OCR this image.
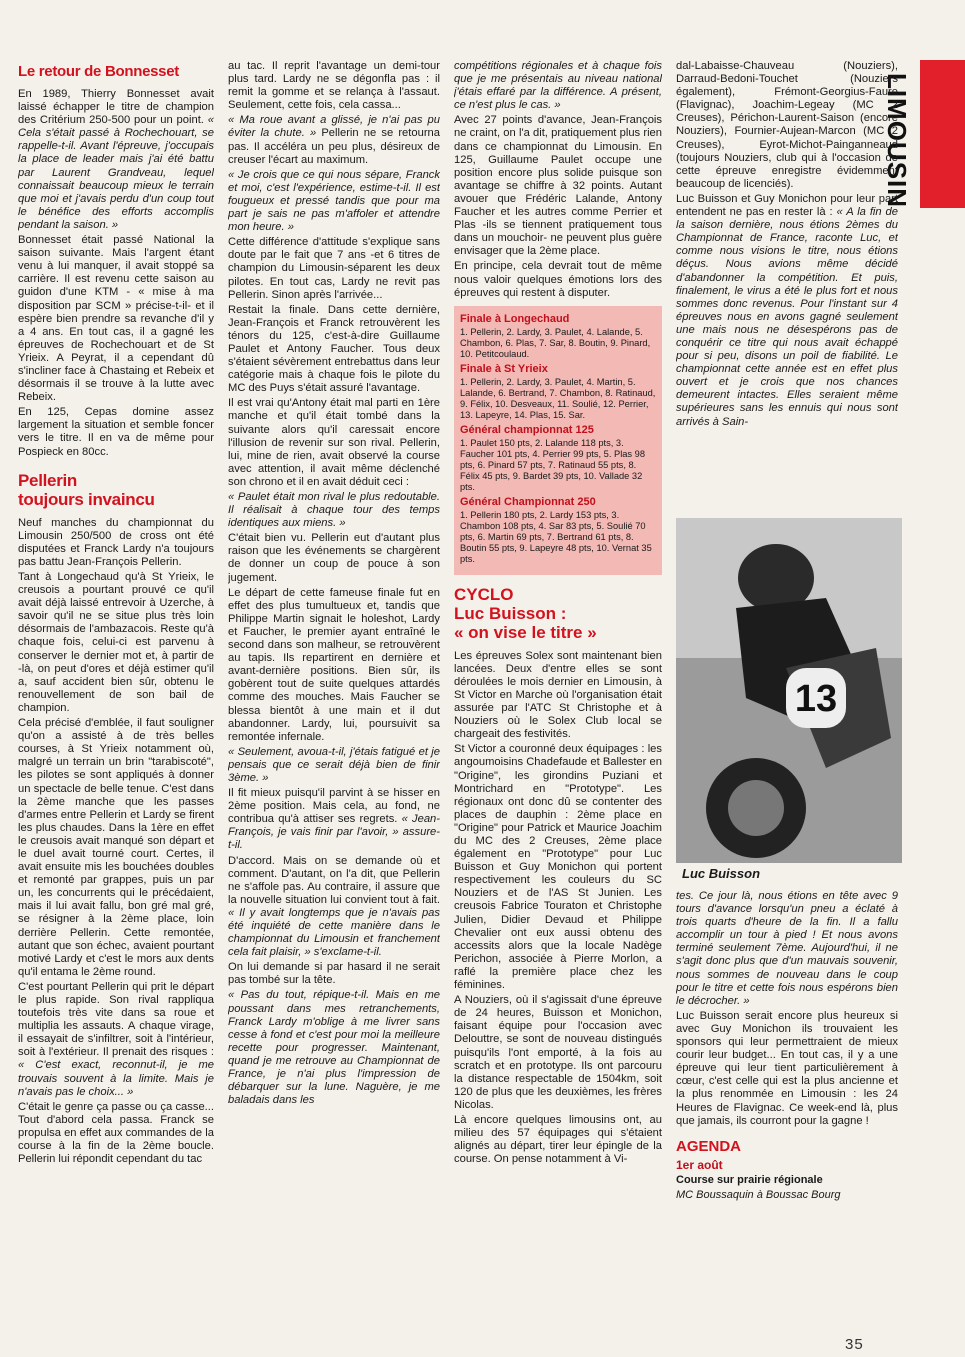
LIMOUSIN
Le retour de Bonnesset

En 1989, Thierry Bonnesset avait laissé échapper le titre de champion des Critérium 250-500 pour un point. « Cela s'était passé à Rochechouart, se rappelle-t-il. Avant l'épreuve, j'occupais la place de leader mais j'ai été battu par Laurent Grandveau, lequel connaissait beaucoup mieux le terrain que moi et j'avais perdu d'un coup tout le bénéfice des efforts accomplis pendant la saison. »

Bonnesset était passé National la saison suivante. Mais l'argent étant venu à lui manquer, il avait stoppé sa carrière. Il est revenu cette saison au guidon d'une KTM - « mise à ma disposition par SCM » précise-t-il- et il espère bien prendre sa revanche d'il y a 4 ans. En tout cas, il a gagné les épreuves de Rochechouart et de St Yrieix. A Peyrat, il a cependant dû s'incliner face à Chastaing et Rebeix et désormais il se trouve à la lutte avec Rebeix.

En 125, Cepas domine assez largement la situation et semble foncer vers le titre. Il en va de même pour Pospieck en 80cc.

Pellerin
toujours invaincu

Neuf manches du championnat du Limousin 250/500 de cross ont été disputées et Franck Lardy n'a toujours pas battu Jean-François Pellerin.

Tant à Longechaud qu'à St Yrieix, le creusois a pourtant prouvé ce qu'il avait déjà laissé entrevoir à Uzerche, à savoir qu'il ne se situe plus très loin désormais de l'ambazacois. Reste qu'à chaque fois, celui-ci est parvenu à conserver le dernier mot et, à partir de -là, on peut d'ores et déjà estimer qu'il a, sauf accident bien sûr, obtenu le renouvellement de son bail de champion.

Cela précisé d'emblée, il faut souligner qu'on a assisté à de très belles courses, à St Yrieix notamment où, malgré un terrain un brin "tarabiscoté", les pilotes se sont appliqués à donner un spectacle de belle tenue. C'est dans la 2ème manche que les passes d'armes entre Pellerin et Lardy se firent les plus chaudes. Dans la 1ère en effet le creusois avait manqué son départ et le duel avait tourné court. Certes, il avait ensuite mis les bouchées doubles et remonté par grappes, puis un par un, les concurrents qui le précédaient, mais il lui avait fallu, bon gré mal gré, se résigner à la 2ème place, loin derrière Pellerin. Cette remontée, autant que son échec, avaient pourtant motivé Lardy et c'est le mors aux dents qu'il entama le 2ème round.

C'est pourtant Pellerin qui prit le départ le plus rapide. Son rival rappliqua toutefois très vite dans sa roue et multiplia les assauts. A chaque virage, il essayait de s'infiltrer, soit à l'intérieur, soit à l'extérieur. Il prenait des risques : « C'est exact, reconnut-il, je me trouvais souvent à la limite. Mais je n'avais pas le choix... »

C'était le genre ça passe ou ça casse... Tout d'abord cela passa. Franck se propulsa en effet aux commandes de la course à la fin de la 2ème boucle. Pellerin lui répondit cependant du tac

au tac. Il reprit l'avantage un demi-tour plus tard. Lardy ne se dégonfla pas : il remit la gomme et se relança à l'assaut. Seulement, cette fois, cela cassa...

« Ma roue avant a glissé, je n'ai pas pu éviter la chute. » Pellerin ne se retourna pas. Il accéléra un peu plus, désireux de creuser l'écart au maximum.

« Je crois que ce qui nous sépare, Franck et moi, c'est l'expérience, estime-t-il. Il est fougueux et pressé tandis que pour ma part je sais ne pas m'affoler et attendre mon heure. »

Cette différence d'attitude s'explique sans doute par le fait que 7 ans -et 6 titres de champion du Limousin-séparent les deux pilotes. En tout cas, Lardy ne revit pas Pellerin. Sinon après l'arrivée...

Restait la finale. Dans cette dernière, Jean-François et Franck retrouvèrent les ténors du 125, c'est-à-dire Guillaume Paulet et Antony Faucher. Tous deux s'étaient sévèrement entrebattus dans leur catégorie mais à chaque fois le pilote du MC des Puys s'était assuré l'avantage.

Il est vrai qu'Antony était mal parti en 1ère manche et qu'il était tombé dans la suivante alors qu'il caressait encore l'illusion de revenir sur son rival. Pellerin, lui, mine de rien, avait observé la course avec attention, il avait même déclenché son chrono et il en avait déduit ceci :

« Paulet était mon rival le plus redoutable. Il réalisait à chaque tour des temps identiques aux miens. »

C'était bien vu. Pellerin eut d'autant plus raison que les événements se chargèrent de donner un coup de pouce à son jugement.

Le départ de cette fameuse finale fut en effet des plus tumultueux et, tandis que Philippe Martin signait le holeshot, Lardy et Faucher, le premier ayant entraîné le second dans son malheur, se retrouvèrent au tapis. Ils repartirent en dernière et avant-dernière positions. Bien sûr, ils gobèrent tout de suite quelques attardés comme des mouches. Mais Faucher se blessa bientôt à une main et il dut abandonner. Lardy, lui, poursuivit sa remontée infernale.

« Seulement, avoua-t-il, j'étais fatigué et je pensais que ce serait déjà bien de finir 3ème. »

Il fit mieux puisqu'il parvint à se hisser en 2ème position. Mais cela, au fond, ne contribua qu'à attiser ses regrets. « Jean-François, je vais finir par l'avoir, » assure-t-il.

D'accord. Mais on se demande où et comment. D'autant, on l'a dit, que Pellerin ne s'affole pas. Au contraire, il assure que la nouvelle situation lui convient tout à fait. « Il y avait longtemps que je n'avais pas été inquiété de cette manière dans le championnat du Limousin et franchement cela fait plaisir, » s'exclame-t-il.

On lui demande si par hasard il ne serait pas tombé sur la tête.

« Pas du tout, répique-t-il. Mais en me poussant dans mes retranchements, Franck Lardy m'oblige à me livrer sans cesse à fond et c'est pour moi la meilleure recette pour progresser. Maintenant, quand je me retrouve au Championnat de France, je n'ai plus l'impression de débarquer sur la lune. Naguère, je me baladais dans les

compétitions régionales et à chaque fois que je me présentais au niveau national j'étais effaré par la différence. A présent, ce n'est plus le cas. »

Avec 27 points d'avance, Jean-François ne craint, on l'a dit, pratiquement plus rien dans ce championnat du Limousin. En 125, Guillaume Paulet occupe une position encore plus solide puisque son avantage se chiffre à 32 points. Autant avouer que Frédéric Lalande, Antony Faucher et les autres comme Perrier et Plas -ils se tiennent pratiquement tous dans un mouchoir- ne peuvent plus guère envisager que la 2ème place.

En principe, cela devrait tout de même nous valoir quelques émotions lors des épreuves qui restent à disputer.

Finale à Longechaud

1. Pellerin, 2. Lardy, 3. Paulet, 4. Lalande, 5. Chambon, 6. Plas, 7. Sar, 8. Boutin, 9. Pinard, 10. Petitcoulaud.

Finale à St Yrieix

1. Pellerin, 2. Lardy, 3. Paulet, 4. Martin, 5. Lalande, 6. Bertrand, 7. Chambon, 8. Ratinaud, 9. Félix, 10. Desveaux, 11. Soulié, 12. Perrier, 13. Lapeyre, 14. Plas, 15. Sar.

Général championnat 125

1. Paulet 150 pts, 2. Lalande 118 pts, 3. Faucher 101 pts, 4. Perrier 99 pts, 5. Plas 98 pts, 6. Pinard 57 pts, 7. Ratinaud 55 pts, 8. Félix 45 pts, 9. Bardet 39 pts, 10. Vallade 32 pts.

Général Championnat 250

1. Pellerin 180 pts, 2. Lardy 153 pts, 3. Chambon 108 pts, 4. Sar 83 pts, 5. Soulié 70 pts, 6. Martin 69 pts, 7. Bertrand 61 pts, 8. Boutin 55 pts, 9. Lapeyre 48 pts, 10. Vernat 35 pts.

CYCLO
Luc Buisson :
« on vise le titre »

Les épreuves Solex sont maintenant bien lancées. Deux d'entre elles se sont déroulées le mois dernier en Limousin, à St Victor en Marche où l'organisation était assurée par l'ATC St Christophe et à Nouziers où le Solex Club local se chargeait des festivités.

St Victor a couronné deux équipages : les angoumoisins Chadefaude et Ballester en "Origine", les girondins Puziani et Montrichard en "Prototype". Les régionaux ont donc dû se contenter des places de dauphin : 2ème place en "Origine" pour Patrick et Maurice Joachim du MC des 2 Creuses, 2ème place également en "Prototype" pour Luc Buisson et Guy Monichon qui portent respectivement les couleurs du SC Nouziers et de l'AS St Junien. Les creusois Fabrice Touraton et Christophe Julien, Didier Devaud et Philippe Chevalier ont eux aussi obtenu des accessits alors que la locale Nadège Perichon, associée à Pierre Morlon, a raflé la première place chez les féminines.

A Nouziers, où il s'agissait d'une épreuve de 24 heures, Buisson et Monichon, faisant équipe pour l'occasion avec Delouttre, se sont de nouveau distingués puisqu'ils l'ont emporté, à la fois au scratch et en prototype. Ils ont parcouru la distance respectable de 1504km, soit 120 de plus que les deuxièmes, les frères Nicolas.

Là encore quelques limousins ont, au milieu des 57 équipages qui s'étaient alignés au départ, tirer leur épingle de la course. On pense notamment à Vi-

dal-Labaisse-Chauveau (Nouziers), Darraud-Bedoni-Touchet (Nouziers également), Frémont-Georgius-Faure (Flavignac), Joachim-Legeay (MC 2 Creuses), Périchon-Laurent-Saison (encore Nouziers), Fournier-Aujean-Marcon (MC 2 Creuses), Eyrot-Michot-Painganneaud (toujours Nouziers, club qui à l'occasion de cette épreuve enregistre évidemment beaucoup de licenciés).

Luc Buisson et Guy Monichon pour leur part entendent ne pas en rester là : « A la fin de la saison dernière, nous étions 2èmes du Championnat de France, raconte Luc, et comme nous visions le titre, nous étions déçus. Nous avions même décidé d'abandonner la compétition. Et puis, finalement, le virus a été le plus fort et nous sommes donc revenus. Pour l'instant sur 4 épreuves nous en avons gagné seulement une mais nous ne désespérons pas de conquérir ce titre qui nous avait échappé pour si peu, disons un poil de fiabilité. Le championnat cette année est en effet plus ouvert et je crois que nos chances demeurent intactes. Elles seraient même supérieures sans les ennuis qui nous sont arrivés à Sain-

13
Luc Buisson

tes. Ce jour là, nous étions en tête avec 9 tours d'avance lorsqu'un pneu a éclaté à trois quarts d'heure de la fin. Il a fallu accomplir un tour à pied ! Et nous avons terminé seulement 7ème. Aujourd'hui, il ne s'agit donc plus que d'un mauvais souvenir, nous sommes de nouveau dans le coup pour le titre et cette fois nous espérons bien le décrocher. »

Luc Buisson serait encore plus heureux si avec Guy Monichon ils trouvaient les sponsors qui leur permettraient de mieux courir leur budget... En tout cas, il y a une épreuve qui leur tient particulièrement à cœur, c'est celle qui est la plus ancienne et la plus renommée en Limousin : les 24 Heures de Flavignac. Ce week-end là, plus que jamais, ils courront pour la gagne !

AGENDA

1er août

Course sur prairie régionale

MC Boussaquin à Boussac Bourg

35
